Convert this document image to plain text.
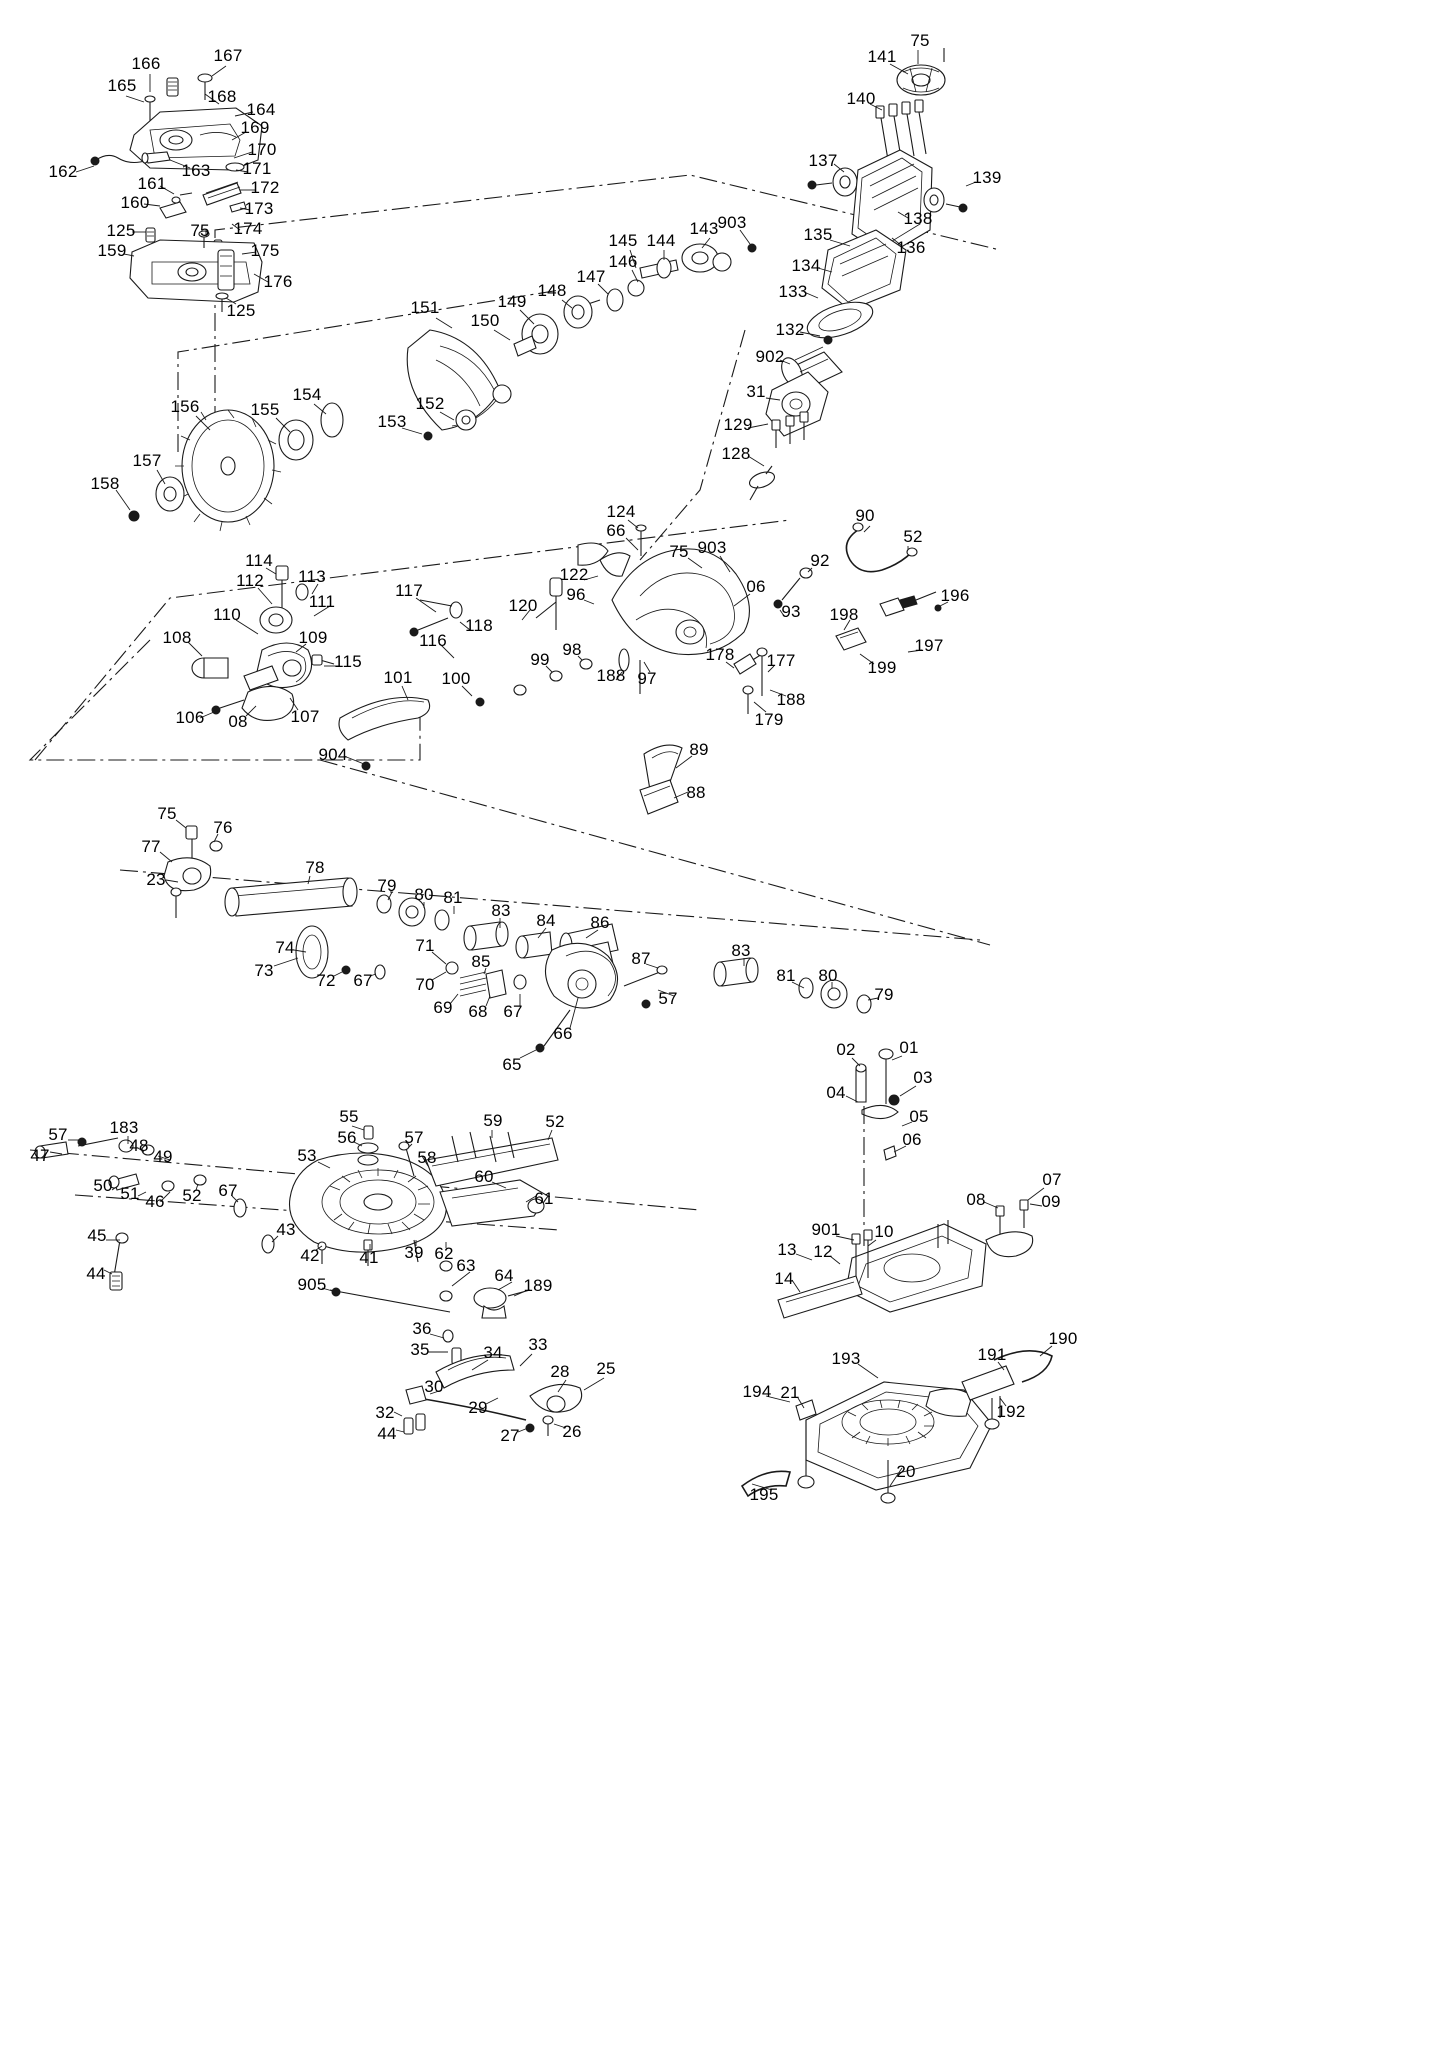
166	167
165
168
164
169
170
162	163 171
161	172
160	173
125	75 174
159	175
176
125
141
75
140
137
139
138
135
136
134
133
132
902
31
129
128
145 144
143 903
146
147
148
149
151
150
156	155
154	152
153
157
158
124
66
75 903
90
52
92
122
06
96
93
196
198
114
112 113
117
111	120
110
118
197
109
108	116
199
115
101 100
99
98
188 97
178 177
188
106 08	107	179
904	89
88
75
76
77
23
78
79 80 81
83
84 86
74	71
85	87	83
81 80
73
72 67	70
57	79
69 68 67
66
65
02	01
03
04
05
06
57 183
48
49
47
55
56	57
59	52
53	58
60
50 51 46 52 67	61
07
08	09
45	43
42 41 39 62
901 10
13 12
44
905
63
64
189	14
36
35	34 33	190
191
193
192
30
28 25
32	29
44	26
27
194 21
195
20
